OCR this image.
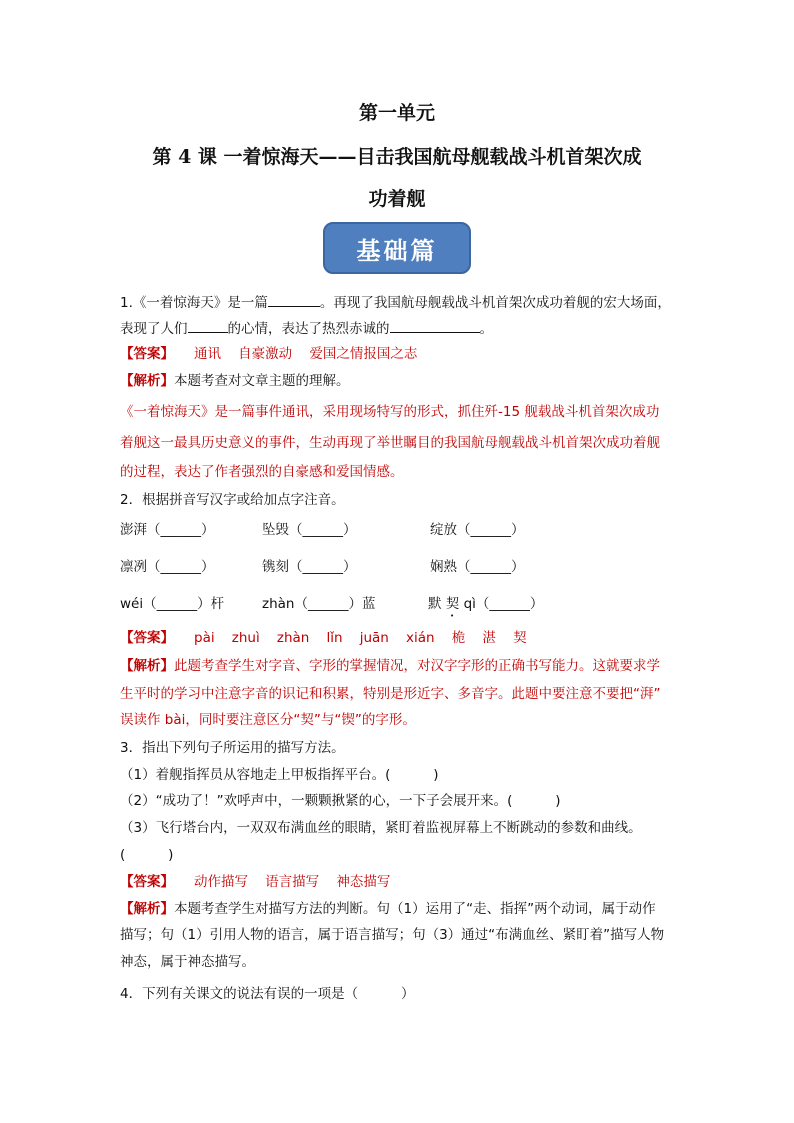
第一单元
第 4 课 一着惊海天——目击我国航母舰载战斗机首架次成
功着舰
基础篇
1.《一着惊海天》是一篇	。再现了我国航母舰载战斗机首架次成功着舰的宏大场面，
表现了人们	的心情，表达了热烈赤诚的	。
【答案】 通讯    自豪激动    爱国之情报国之志
【解析】本题考查对文章主题的理解。
《一着惊海天》是一篇事件通讯，采用现场特写的形式，抓住歼-15 舰载战斗机首架次成功
着舰这一最具历史意义的事件，生动再现了举世瞩目的我国航母舰载战斗机首架次成功着舰
的过程，表达了作者强烈的自豪感和爱国情感。
2．根据拼音写汉字或给加点字注音。
澎湃（______）	坠毁（______）	绽放（______）
凛冽（______）	镌刻（______）	娴熟（______）
wéi（______）杆	zhàn（______）蓝	默 契 qì（______）
【答案】 pài    zhuì    zhàn    lǐn    juān    xián    桅    湛    契
【解析】此题考查学生对字音、字形的掌握情况，对汉字字形的正确书写能力。这就要求学
生平时的学习中注意字音的识记和积累，特别是形近字、多音字。此题中要注意不要把“湃”
误读作 bài，同时要注意区分“契”与“锲”的字形。
3．指出下列句子所运用的描写方法。
（1）着舰指挥员从容地走上甲板指挥平台。(          )
（2）“成功了！”欢呼声中，一颗颗揪紧的心，一下子会展开来。(          )
（3）飞行塔台内，一双双布满血丝的眼睛，紧盯着监视屏幕上不断跳动的参数和曲线。
(          )
【答案】 动作描写    语言描写    神态描写
【解析】本题考查学生对描写方法的判断。句（1）运用了“走、指挥”两个动词，属于动作
描写；句（1）引用人物的语言，属于语言描写；句（3）通过“布满血丝、紧盯着”描写人物
神态，属于神态描写。
4．下列有关课文的说法有误的一项是（          ）
